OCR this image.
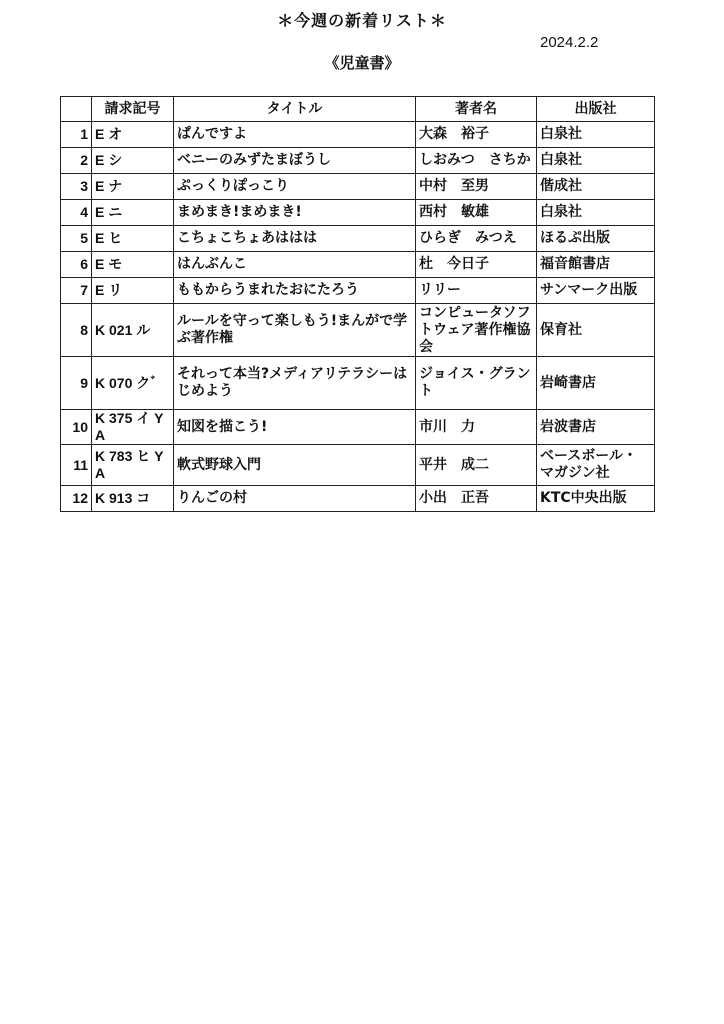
＊今週の新着リスト＊
2024.2.2
《児童書》
	請求記号	タイトル	著者名	出版社
1	E オ	ぱんですよ	大森　裕子	白泉社
2	E シ	ベニーのみずたまぼうし	しおみつ　さちか	白泉社
3	E ナ	ぷっくりぽっこり	中村　至男	偕成社
4	E ニ	まめまき!まめまき!	西村　敏雄	白泉社
5	E ヒ	こちょこちょあははは	ひらぎ　みつえ	ほるぷ出版
6	E モ	はんぶんこ	杜　今日子	福音館書店
7	E リ	ももからうまれたおにたろう	リリー	サンマーク出版
8	K 021 ル	ルールを守って楽しもう!まんがで学ぶ著作権	コンピュータソフトウェア著作権協会	保育社
9	K 070 ク゛	それって本当?メディアリテラシーはじめよう	ジョイス・グラント	岩崎書店
10	K 375 イ YA	知図を描こう!	市川　力	岩波書店
11	K 783 ヒ YA	軟式野球入門	平井　成二	ベースボール・マガジン社
12	K 913 コ	りんごの村	小出　正吾	KTC中央出版
